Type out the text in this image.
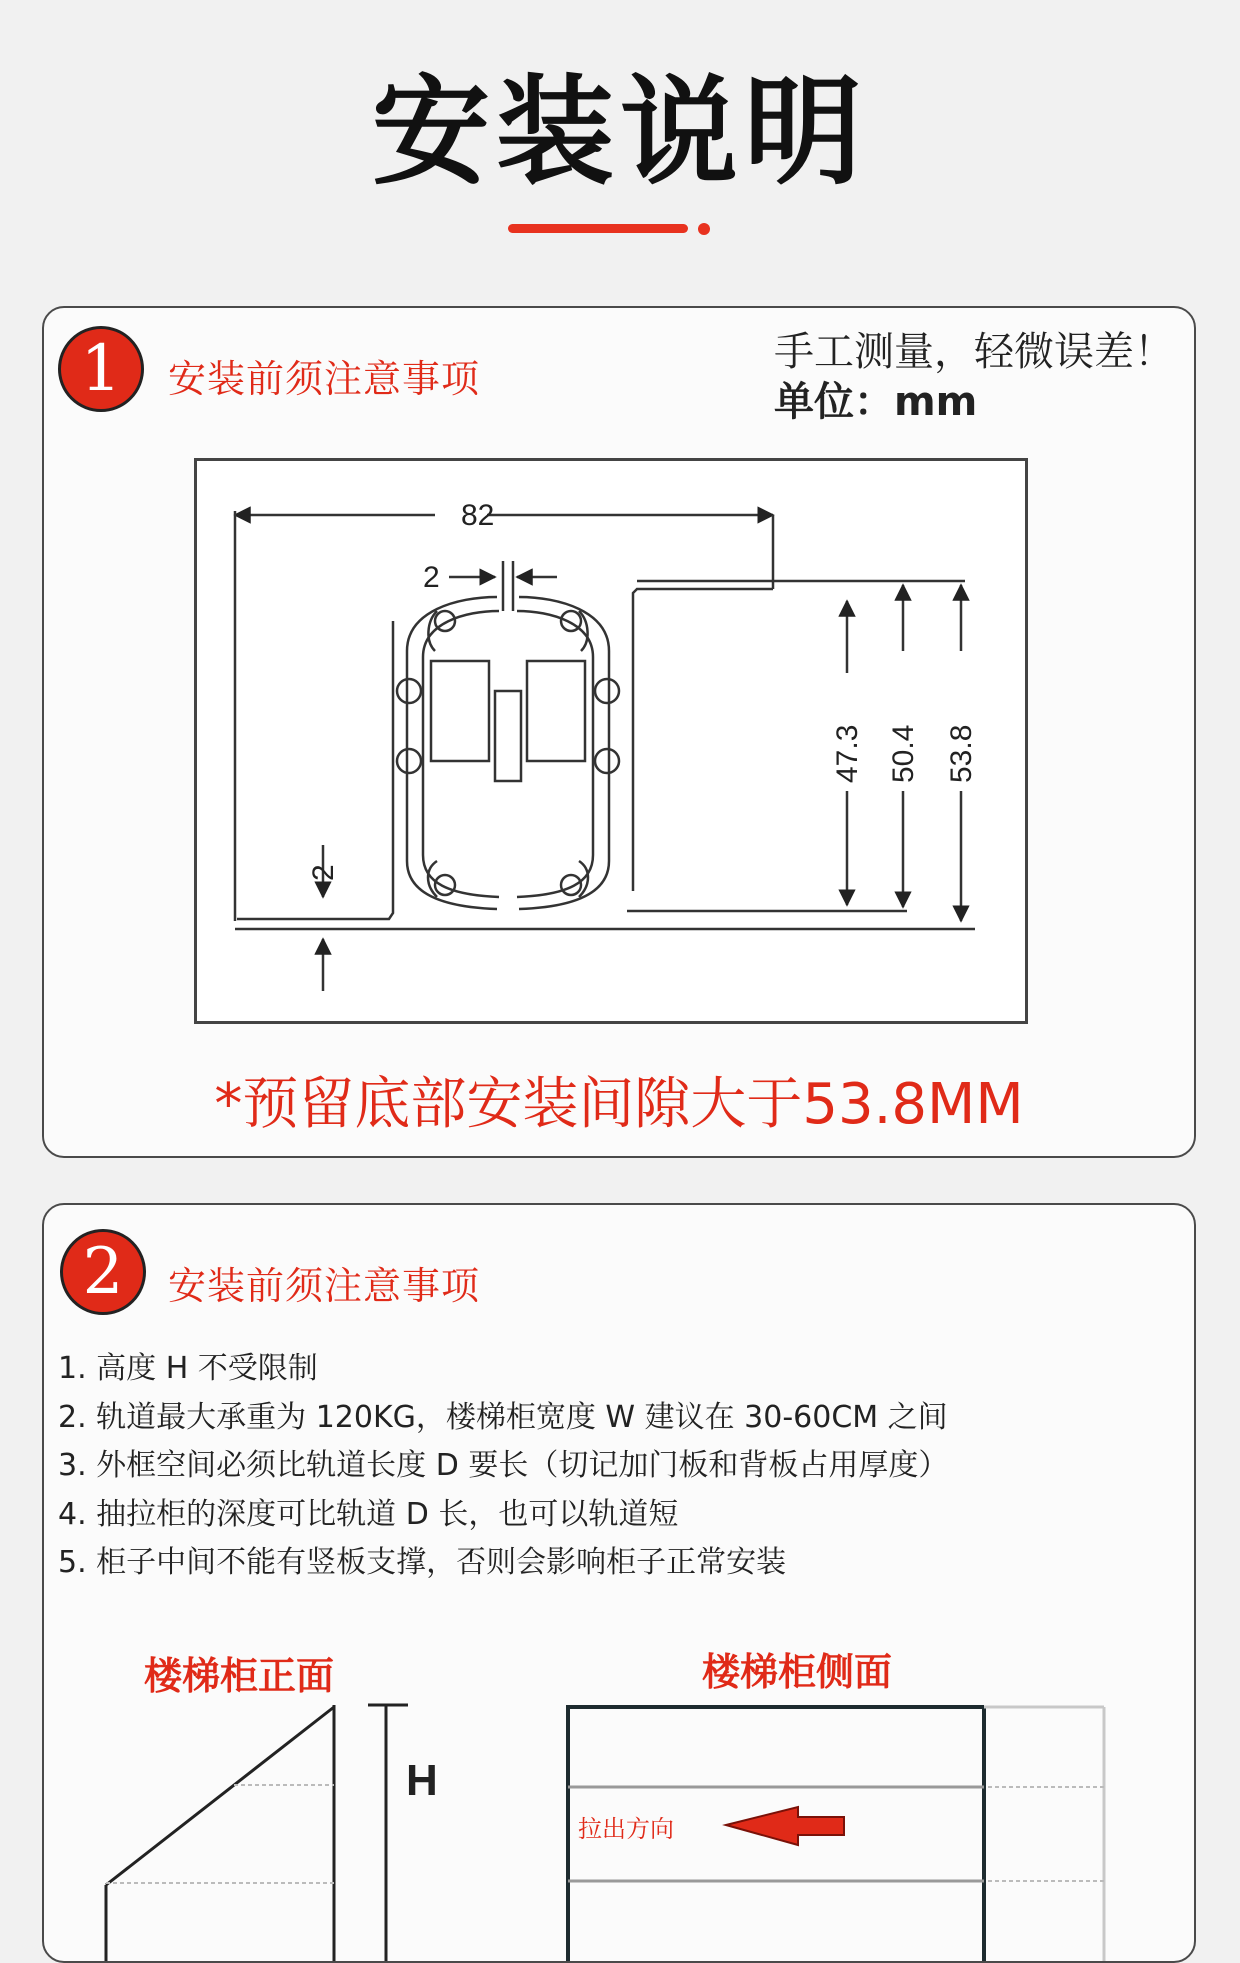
安装说明
1	安装前须注意事项
手工测量，轻微误差！
单位：mm
82
2
2
47.3 50.4 53.8
*预留底部安装间隙大于53.8MM
2	安装前须注意事项
1. 高度 H 不受限制
2. 轨道最大承重为 120KG，楼梯柜宽度 W 建议在 30-60CM 之间
3. 外框空间必须比轨道长度 D 要长（切记加门板和背板占用厚度）
4. 抽拉柜的深度可比轨道 D 长，也可以轨道短
5. 柜子中间不能有竖板支撑，否则会影响柜子正常安装
楼梯柜正面	楼梯柜侧面
H
拉出方向
